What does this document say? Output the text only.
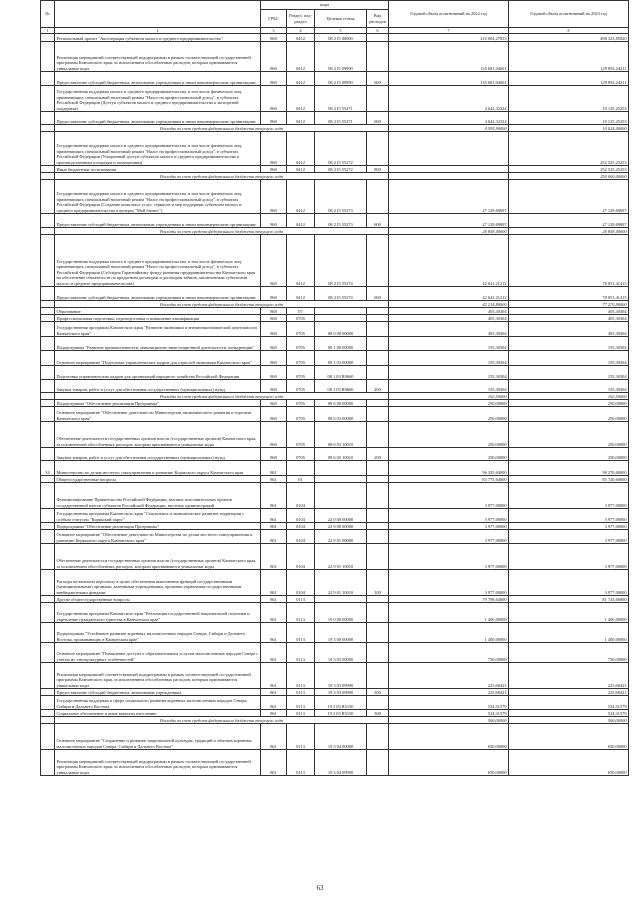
№		коды				Годовой объем ассигнований на 2022 год	Годовой объем ассигнований на 2023 год
		ГРБС	Раздел, под-раздел	Целевая статья	Вид расходов		
1	2	3	4	5	6	7	8
	Региональный проект "Акселерация субъектов малого и среднего предпринимательства"	860	0412	08 2 I5 00000		210 004,27833	498 323,85820
	Реализация мероприятий соответствующей подпрограммы в рамках соответствующей государственной программы Камчатского края, за исключением обособленных расходов, которым присваиваются уникальные коды	860	0412	08 2 I5 09990		135 681,04601	129 892,24211
	Предоставление субсидий бюджетным, автономным учреждениям и иным некоммерческим организациям	860	0412	08 2 I5 09990	600	135 681,04601	129 892,24211
	Государственная поддержка малого и среднего предпринимательства, в том числе физических лиц, применяющих специальный налоговый режим "Налог на профессиональный доход", в субъектах Российской Федерации (Доступ субъектов малого и среднего предпринимательства к экспортной поддержке)	860	0412	08 2 I5 55271		4 642,32324	10 125,25253
	Предоставление субсидий бюджетным, автономным учреждениям и иным некоммерческим организациям	860	0412	08 2 I5 55271	600	4 642,32324	10 125,25253
	Расходы за счет средств федерального бюджета текущего года					4 595,90000	10 024,00000
	Государственная поддержка малого и среднего предпринимательства, в том числе физических лиц, применяющих специальный налоговый режим "Налог на профессиональный доход", в субъектах Российской Федерации (Ускоренный доступ субъектов малого и среднего предпринимательства к производственным площадям и помещениям)	860	0412	08 2 I5 55272			252 525,25253
	Иные бюджетные ассигнования	860	0412	08 2 I5 55272	800		252 525,25253
	Расходы за счет средств федерального бюджета текущего года						250 000,00000
	Государственная поддержка малого и среднего предпринимательства, в том числе физических лиц, применяющих специальный налоговый режим "Налог на профессиональный доход", в субъектах Российской Федерации (Создание комплекса услуг, сервисов и мер поддержки субъектам малого и среднего предпринимательства в центрах "Мой бизнес")	860	0412	08 2 I5 55273		27 129,69697	27 129,69697
	Предоставление субсидий бюджетным, автономным учреждениям и иным некоммерческим организациям	860	0412	08 2 I5 55273	600	27 129,69697	27 129,69697
	Расходы за счет средств федерального бюджета текущего года					26 858,40000	26 858,40000
	Государственная поддержка малого и среднего предпринимательства, в том числе физических лиц, применяющих специальный налоговый режим "Налог на профессиональный доход", в субъектах Российской Федерации (Субсидия Гарантийному фонду развития предпринимательства Камчатского края на обеспечение обязательств по кредитным договорам и договорам займов, заключенным субъектами малого и среднего предпринимательства)	860	0412	08 2 I5 55274		42 641,21212	78 051,41415
	Предоставление субсидий бюджетным, автономным учреждениям и иным некоммерческим организациям	860	0412	08 2 I5 55274	600	42 641,21212	78 051,41415
	Расходы за счет средств федерального бюджета текущего года					42 214,80000	77 270,90000
	Образование	860	07			405,30304	405,30304
	Профессиональная подготовка, переподготовка и повышение квалификации	860	0705			405,30304	405,30304
	Государственная программа Камчатского края "Развитие экономики и внешнеэкономической деятельности Камчатского края"	860	0705	08 0 00 00000		405,30304	405,30304
	Подпрограмма "Развитие промышленности, инновационно-инвестиционной деятельности, конкуренции"	860	0705	08 1 00 00000		155,30304	155,30304
	Основное мероприятие "Подготовка управленческих кадров для отраслей экономики Камчатского края"	860	0705	08 1 03 00000		155,30304	155,30304
	Подготовка управленческих кадров для организаций народного хозяйства Российской Федерации	860	0705	08 1 03 R0660		155,30304	155,30304
	Закупка товаров, работ и услуг для обеспечения государственных (муниципальных) нужд	860	0705	08 1 03 R0660	200	155,30304	155,30304
	Расходы за счет средств федерального бюджета текущего года					102,50000	102,50000
	Подпрограмма "Обеспечение реализации Программы"	860	0705	08 6 00 00000		250,00000	250,00000
	Основное мероприятие "Обеспечение деятельности Министерства экономического развития и торговли Камчатского края"	860	0705	08 6 03 00000		250,00000	250,00000
	Обеспечение деятельности государственных органов власти (государственных органов) Камчатского края, за исключением обособленных расходов, которым присваиваются уникальные коды	860	0705	08 6 03 10010		250,00000	250,00000
	Закупка товаров, работ и услуг для обеспечения государственных (муниципальных) нужд	860	0705	08 6 03 10010	200	250,00000	250,00000
34	Министерство по делам местного самоуправления и развитию Корякского округа Камчатского края	861				96 335,64000	98 276,60000
	Общегосударственные вопросы	861	01			83 775,64000	85 720,60000
	Функционирование Правительства Российской Федерации, высших исполнительных органов государственной власти субъектов Российской Федерации, местных администраций	861	0104			3 977,00000	3 977,00000
	Государственная программа Камчатского края "Социальное и экономическое развитие территории с особым статусом "Корякский округ"	861	0104	22 0 00 00000		3 977,00000	3 977,00000
	Подпрограмма "Обеспечение реализации Программы"	861	0104	22 9 00 00000		3 977,00000	3 977,00000
	Основное мероприятие "Обеспечение деятельности Министерства по делам местного самоуправления и развитию Корякского округа Камчатского края"	861	0104	22 9 01 00000		3 977,00000	3 977,00000
	Обеспечение деятельности государственных органов власти (государственных органов) Камчатского края, за исключением обособленных расходов, которым присваиваются уникальные коды	861	0104	22 9 01 10010		3 977,00000	3 977,00000
	Расходы на выплаты персоналу в целях обеспечения выполнения функций государственными (муниципальными) органами, казенными учреждениями, органами управления государственными внебюджетными фондами	861	0104	22 9 01 10010	100	3 977,00000	3 977,00000
	Другие общегосударственные вопросы	861	0113			79 798,64000	81 743,60000
	Государственная программа Камчатского края "Реализация государственной национальной политики и укрепление гражданского единства в Камчатском крае"	861	0113	19 0 00 00000		1 400,00000	1 400,00000
	Подпрограмма "Устойчивое развитие коренных малочисленных народов Севера, Сибири и Дальнего Востока, проживающих в Камчатском крае"	861	0113	19 3 00 00000		1 400,00000	1 400,00000
	Основное мероприятие "Повышение доступа к образовательным услугам малочисленных народов Севера с учетом их этнокультурных особенностей"	861	0113	19 3 03 00000		750,00000	750,00000
	Реализация мероприятий соответствующей подпрограммы в рамках соответствующей государственной программы Камчатского края, за исключением обособленных расходов, которым присваиваются уникальные коды	861	0113	19 3 03 09990		225,68421	225,68421
	Предоставление субсидий бюджетным, автономным учреждениям	861	0113	19 3 03 09990	300	225,68421	225,68421
	Государственная поддержка в сфере социального развития коренных малочисленных народов Севера, Сибири и Дальнего Востока	861	0113	19 3 03 R5150		524,31579	524,31579
	Социальное обеспечение и иные выплаты населению	861	0113	19 3 03 R5150	300	524,31579	524,31579
	Расходы за счет средств федерального бюджета текущего года					500,00000	500,00000
	Основное мероприятие "Сохранение и развитие национальной культуры, традиций и обычаев коренных малочисленных народов Севера, Сибири и Дальнего Востока"	861	0113	19 3 04 00000		650,00000	650,00000
	Реализация мероприятий соответствующей подпрограммы в рамках соответствующей государственной программы Камчатского края, за исключением обособленных расходов, которым присваиваются уникальные коды	861	0113	19 3 04 09990		650,00000	650,00000
63
